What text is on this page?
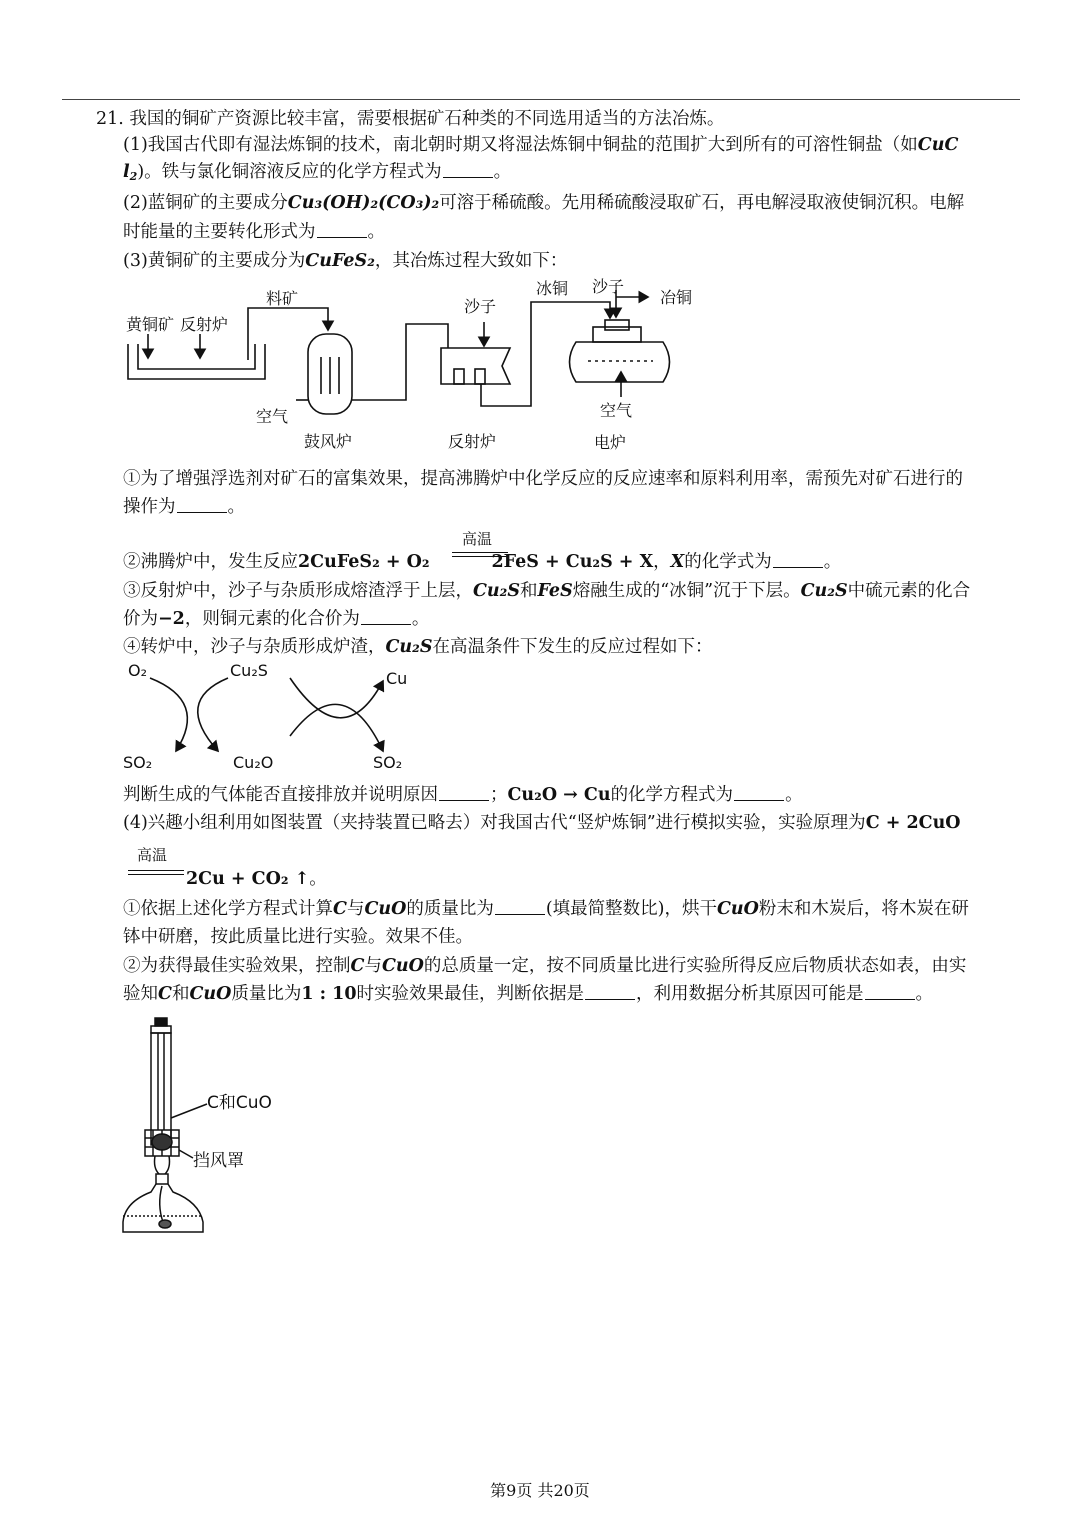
21. 我国的铜矿产资源比较丰富，需要根据矿石种类的不同选用适当的方法冶炼。
(1)我国古代即有湿法炼铜的技术，南北朝时期又将湿法炼铜中铜盐的范围扩大到所有的可溶性铜盐（如CuC
$l_2$)。铁与氯化铜溶液反应的化学方程式为	。
(2)蓝铜矿的主要成分Cu₃(OH)₂(CO₃)₂可溶于稀硫酸。先用稀硫酸浸取矿石，再电解浸取液使铜沉积。电解
时能量的主要转化形式为	。
(3)黄铜矿的主要成分为CuFeS₂，其冶炼过程大致如下：
黄铜矿 反射炉
料矿
空气
鼓风炉
沙子
反射炉
冰铜 沙子
冶铜
空气
电炉
①为了增强浮选剂对矿石的富集效果，提高沸腾炉中化学反应的反应速率和原料利用率，需预先对矿石进行的
操作为	。
高温
②沸腾炉中，发生反应2CuFeS₂ + O₂	2FeS + Cu₂S + X，X的化学式为	。
③反射炉中，沙子与杂质形成熔渣浮于上层，Cu₂S和FeS熔融生成的“冰铜”沉于下层。Cu₂S中硫元素的化合
价为−2，则铜元素的化合价为	。
④转炉中，沙子与杂质形成炉渣，Cu₂S在高温条件下发生的反应过程如下：
O₂	Cu₂S
SO₂	Cu₂O
Cu
SO₂
判断生成的气体能否直接排放并说明原因	；Cu₂O → Cu的化学方程式为	。
(4)兴趣小组利用如图装置（夹持装置已略去）对我国古代“竖炉炼铜”进行模拟实验，实验原理为C + 2CuO
高温
2Cu + CO₂ ↑。
①依据上述化学方程式计算C与CuO的质量比为	(填最简整数比)，烘干CuO粉末和木炭后，将木炭在研
钵中研磨，按此质量比进行实验。效果不佳。
②为获得最佳实验效果，控制C与CuO的总质量一定，按不同质量比进行实验所得反应后物质状态如表，由实
验知C和CuO质量比为1 : 10时实验效果最佳，判断依据是	，利用数据分析其原因可能是	。
C和CuO
挡风罩
第9页 共20页
